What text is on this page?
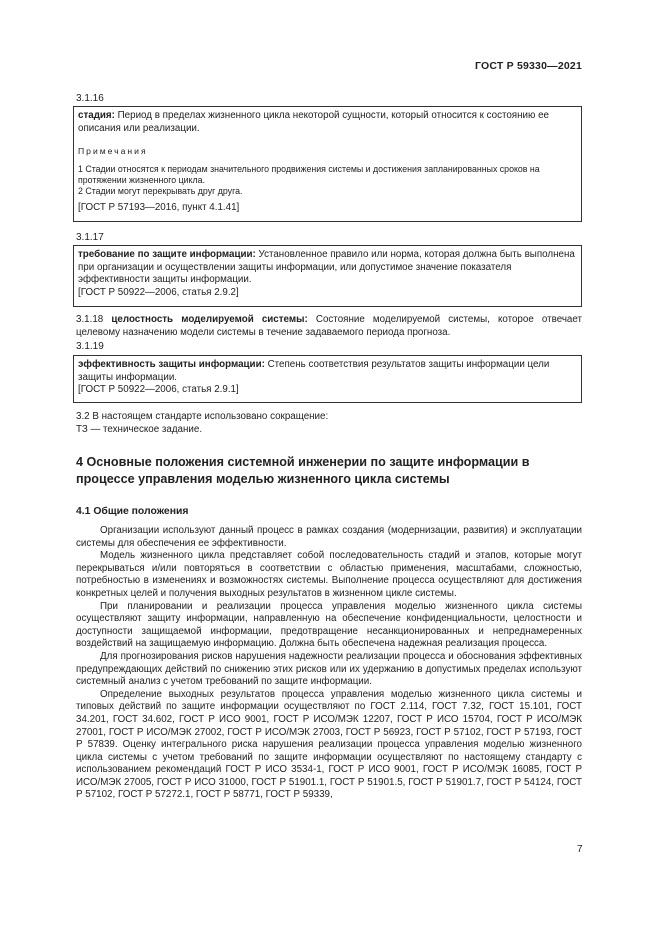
ГОСТ Р 59330—2021
3.1.16

стадия: Период в пределах жизненного цикла некоторой сущности, который относится к состоянию ее описания или реализации.

Примечания

1 Стадии относятся к периодам значительного продвижения системы и достижения запланированных сроков на протяжении жизненного цикла.

2 Стадии могут перекрывать друг друга.

[ГОСТ Р 57193—2016, пункт 4.1.41]

3.1.17

требование по защите информации: Установленное правило или норма, которая должна быть выполнена при организации и осуществлении защиты информации, или допустимое значение показателя эффективности защиты информации.

[ГОСТ Р 50922—2006, статья 2.9.2]

3.1.18 целостность моделируемой системы: Состояние моделируемой системы, которое отвечает целевому назначению модели системы в течение задаваемого периода прогноза.

3.1.19

эффективность защиты информации: Степень соответствия результатов защиты информации цели защиты информации.

[ГОСТ Р 50922—2006, статья 2.9.1]

3.2 В настоящем стандарте использовано сокращение:

ТЗ — техническое задание.

4 Основные положения системной инженерии по защите информации в процессе управления моделью жизненного цикла системы
4.1 Общие положения

Организации используют данный процесс в рамках создания (модернизации, развития) и эксплуатации системы для обеспечения ее эффективности.

Модель жизненного цикла представляет собой последовательность стадий и этапов, которые могут перекрываться и/или повторяться в соответствии с областью применения, масштабами, сложностью, потребностью в изменениях и возможностях системы. Выполнение процесса осуществляют для достижения конкретных целей и получения выходных результатов в жизненном цикле системы.

При планировании и реализации процесса управления моделью жизненного цикла системы осуществляют защиту информации, направленную на обеспечение конфиденциальности, целостности и доступности защищаемой информации, предотвращение несанкционированных и непреднамеренных воздействий на защищаемую информацию. Должна быть обеспечена надежная реализация процесса.

Для прогнозирования рисков нарушения надежности реализации процесса и обоснования эффективных предупреждающих действий по снижению этих рисков или их удержанию в допустимых пределах используют системный анализ с учетом требований по защите информации.

Определение выходных результатов процесса управления моделью жизненного цикла системы и типовых действий по защите информации осуществляют по ГОСТ 2.114, ГОСТ 7.32, ГОСТ 15.101, ГОСТ 34.201, ГОСТ 34.602, ГОСТ Р ИСО 9001, ГОСТ Р ИСО/МЭК 12207, ГОСТ Р ИСО 15704, ГОСТ Р ИСО/МЭК 27001, ГОСТ Р ИСО/МЭК 27002, ГОСТ Р ИСО/МЭК 27003, ГОСТ Р 56923, ГОСТ Р 57102, ГОСТ Р 57193, ГОСТ Р 57839. Оценку интегрального риска нарушения реализации процесса управления моделью жизненного цикла системы с учетом требований по защите информации осуществляют по настоящему стандарту с использованием рекомендаций ГОСТ Р ИСО 3534-1, ГОСТ Р ИСО 9001, ГОСТ Р ИСО/МЭК 16085, ГОСТ Р ИСО/МЭК 27005, ГОСТ Р ИСО 31000, ГОСТ Р 51901.1, ГОСТ Р 51901.5, ГОСТ Р 51901.7, ГОСТ Р 54124, ГОСТ Р 57102, ГОСТ Р 57272.1, ГОСТ Р 58771, ГОСТ Р 59339,

7
